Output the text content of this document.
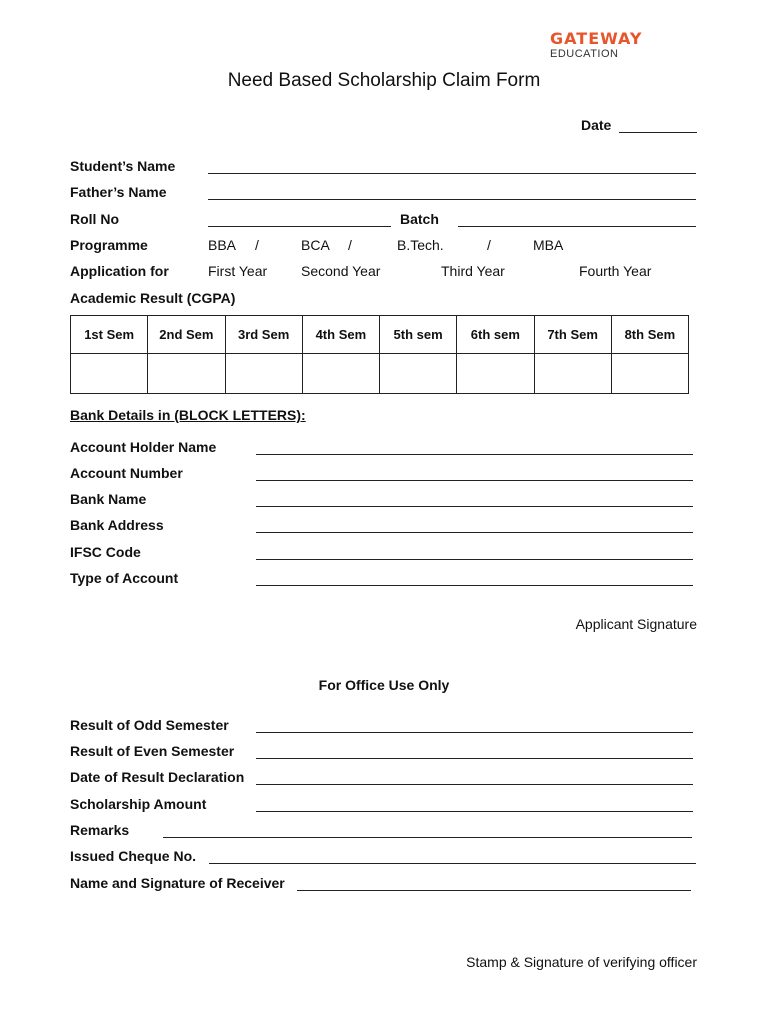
GATEWAY
EDUCATION
Need Based Scholarship Claim Form
Date
Student’s Name
Father’s Name
Roll No	Batch
Programme	BBA /	BCA /	B.Tech.	/	MBA
Application for	First Year Second Year	Third Year	Fourth Year
Academic Result (CGPA)
1st Sem	2nd Sem	3rd Sem	4th Sem	5th sem	6th sem	7th Sem	8th Sem

Bank Details in (BLOCK LETTERS):
Account Holder Name
Account Number
Bank Name
Bank Address
IFSC Code
Type of Account
Applicant Signature
For Office Use Only
Result of Odd Semester
Result of Even Semester
Date of Result Declaration
Scholarship Amount
Remarks
Issued Cheque No.
Name and Signature of Receiver
Stamp & Signature of verifying officer
